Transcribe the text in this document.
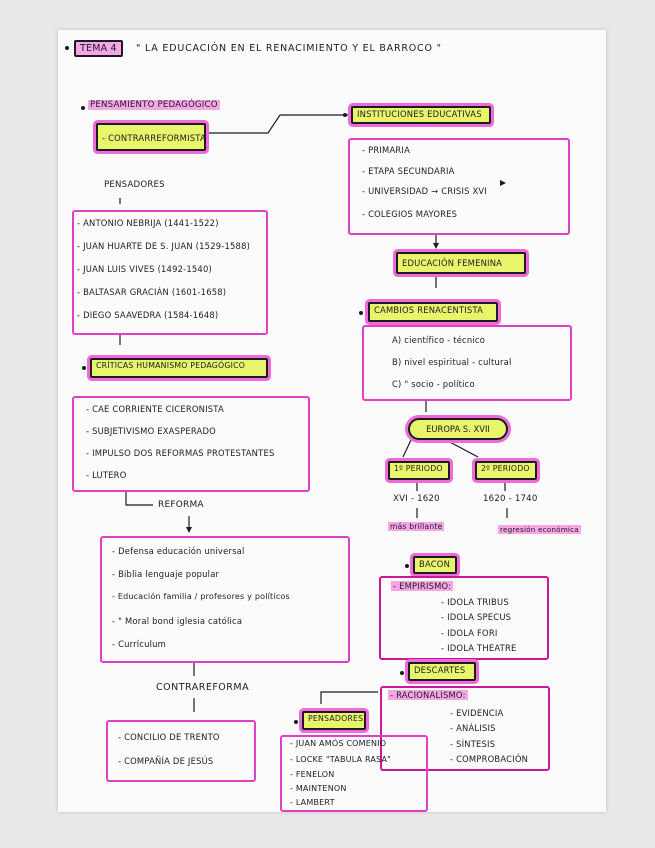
TEMA 4	" LA EDUCACIÓN EN EL RENACIMIENTO Y EL BARROCO "
PENSAMIENTO PEDAGÓGICO
- CONTRARREFORMISTA
PENSADORES
- ANTONIO NEBRIJA (1441-1522)
- JUAN HUARTE DE S. JUAN (1529-1588)
- JUAN LUIS VIVES (1492-1540)
- BALTASAR GRACIÁN (1601-1658)
- DIEGO SAAVEDRA (1584-1648)
CRÍTICAS HUMANISMO PEDAGÓGICO
- CAE CORRIENTE CICERONISTA
- SUBJETIVISMO EXASPERADO
- IMPULSO DOS REFORMAS PROTESTANTES
- LUTERO
REFORMA
- Defensa educación universal
- Biblia lenguaje popular
- Educación familia / profesores y políticos
- " Moral bond iglesia católica
- Currículum
CONTRAREFORMA
- CONCILIO DE TRENTO
- COMPAÑÍA DE JESÚS
INSTITUCIONES EDUCATIVAS
- PRIMARIA
- ETAPA SECUNDARIA
- UNIVERSIDAD → CRISIS XVI
- COLEGIOS MAYORES
EDUCACIÓN FEMENINA
CAMBIOS RENACENTISTA
A) científico - técnico
B) nivel espiritual - cultural
C) " socio - político
EUROPA S. XVII
1º PERIODO	2º PERIODO
XVI - 1620	1620 - 1740
más brillante	regresión económica
BACON
- EMPIRISMO:
- IDOLA TRIBUS
- IDOLA SPECUS
- IDOLA FORI
- IDOLA THEATRE
DESCARTES
- RACIONALISMO:
- EVIDENCIA
- ANÁLISIS
- SÍNTESIS
- COMPROBACIÓN
PENSADORES
- JUAN AMÓS COMENIO
- LOCKE "TABULA RASA"
- FENELON
- MAINTENON
- LAMBERT
